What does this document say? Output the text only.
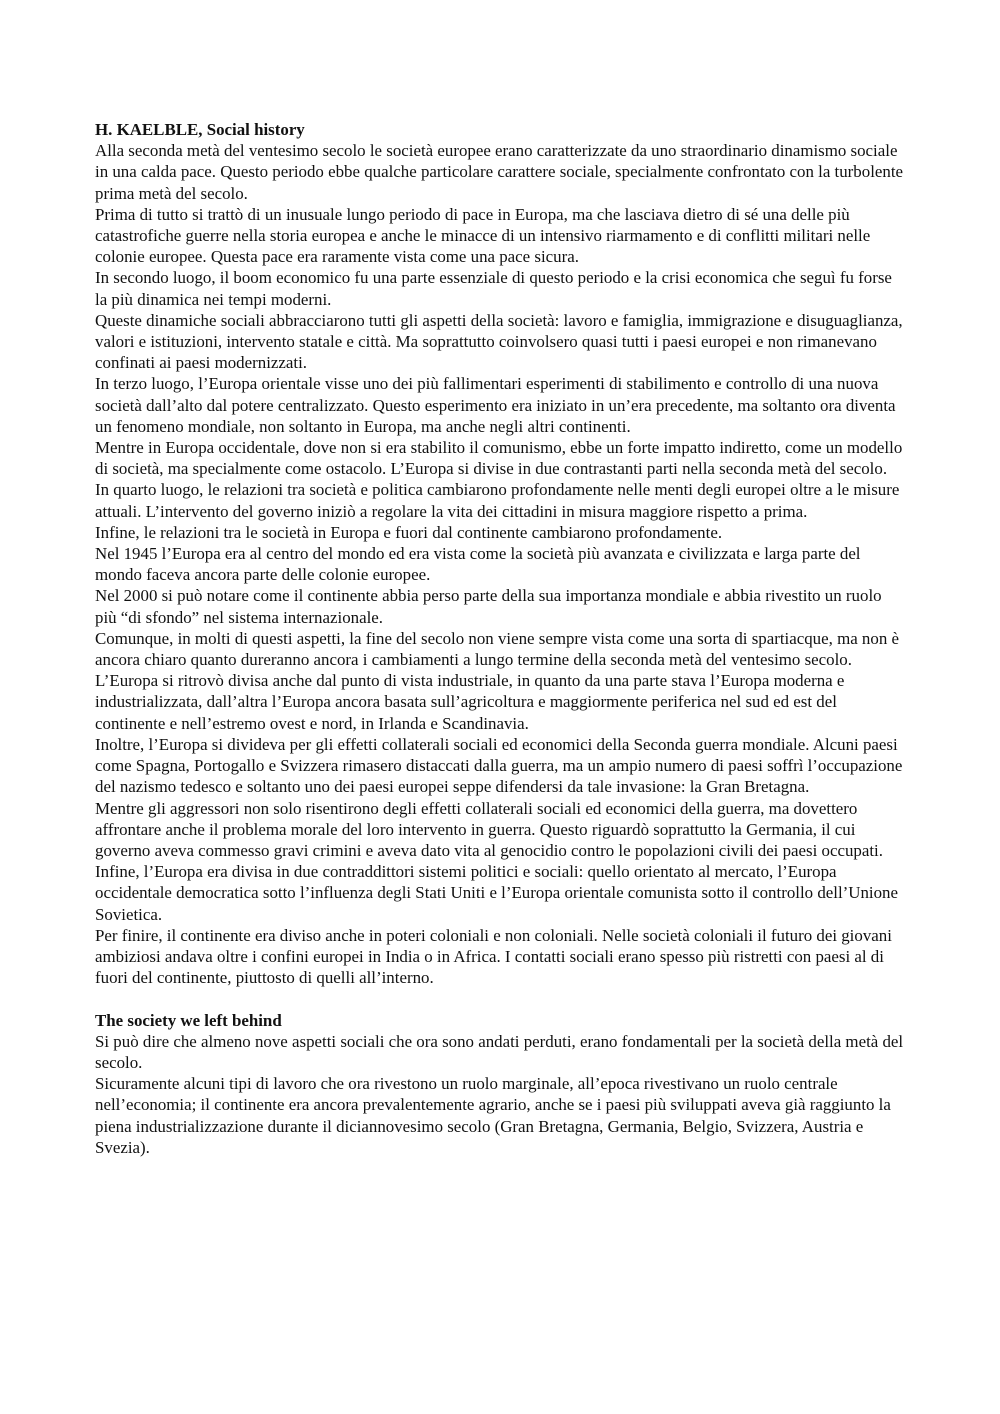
H. KAELBLE, Social history

Alla seconda metà del ventesimo secolo le società europee erano caratterizzate da uno straordinario dinamismo sociale in una calda pace. Questo periodo ebbe qualche particolare carattere sociale, specialmente confrontato con la turbolente prima metà del secolo.

Prima di tutto si trattò di un inusuale lungo periodo di pace in Europa, ma che lasciava dietro di sé una delle più catastrofiche guerre nella storia europea e anche le minacce di un intensivo riarmamento e di conflitti militari nelle colonie europee. Questa pace era raramente vista come una pace sicura.

In secondo luogo, il boom economico fu una parte essenziale di questo periodo e la crisi economica che seguì fu forse la più dinamica nei tempi moderni.

Queste dinamiche sociali abbracciarono tutti gli aspetti della società: lavoro e famiglia, immigrazione e disuguaglianza, valori e istituzioni, intervento statale e città. Ma soprattutto coinvolsero quasi tutti i paesi europei e non rimanevano confinati ai paesi modernizzati.

In terzo luogo, l’Europa orientale visse uno dei più fallimentari esperimenti di stabilimento e controllo di una nuova società dall’alto dal potere centralizzato. Questo esperimento era iniziato in un’era precedente, ma soltanto ora diventa un fenomeno mondiale, non soltanto in Europa, ma anche negli altri continenti.

Mentre in Europa occidentale, dove non si era stabilito il comunismo, ebbe un forte impatto indiretto, come un modello di società, ma specialmente come ostacolo. L’Europa si divise in due contrastanti parti nella seconda metà del secolo.

In quarto luogo, le relazioni tra società e politica cambiarono profondamente nelle menti degli europei oltre a le misure attuali. L’intervento del governo iniziò a regolare la vita dei cittadini in misura maggiore rispetto a prima.

Infine, le relazioni tra le società in Europa e fuori dal continente cambiarono profondamente.

Nel 1945 l’Europa era al centro del mondo ed era vista come la società più avanzata e civilizzata e larga parte del mondo faceva ancora parte delle colonie europee.

Nel 2000 si può notare come il continente abbia perso parte della sua importanza mondiale e abbia rivestito un ruolo più “di sfondo” nel sistema internazionale.

Comunque, in molti di questi aspetti, la fine del secolo non viene sempre vista come una sorta di spartiacque, ma non è ancora chiaro quanto dureranno ancora i cambiamenti a lungo termine della seconda metà del ventesimo secolo.

L’Europa si ritrovò divisa anche dal punto di vista industriale, in quanto da una parte stava l’Europa moderna e industrializzata, dall’altra l’Europa ancora basata sull’agricoltura e maggiormente periferica nel sud ed est del continente e nell’estremo ovest e nord, in Irlanda e Scandinavia.

Inoltre, l’Europa si divideva per gli effetti collaterali sociali ed economici della Seconda guerra mondiale. Alcuni paesi come Spagna, Portogallo e Svizzera rimasero distaccati dalla guerra, ma un ampio numero di paesi soffrì l’occupazione del nazismo tedesco e soltanto uno dei paesi europei seppe difendersi da tale invasione: la Gran Bretagna.

Mentre gli aggressori non solo risentirono degli effetti collaterali sociali ed economici della guerra, ma dovettero affrontare anche il problema morale del loro intervento in guerra. Questo riguardò soprattutto la Germania, il cui governo aveva commesso gravi crimini e aveva dato vita al genocidio contro le popolazioni civili dei paesi occupati.

Infine, l’Europa era divisa in due contraddittori sistemi politici e sociali: quello orientato al mercato, l’Europa occidentale democratica sotto l’influenza degli Stati Uniti e l’Europa orientale comunista sotto il controllo dell’Unione Sovietica.

Per finire, il continente era diviso anche in poteri coloniali e non coloniali. Nelle società coloniali il futuro dei giovani ambiziosi andava oltre i confini europei in India o in Africa. I contatti sociali erano spesso più ristretti con paesi al di fuori del continente, piuttosto di quelli all’interno.

The society we left behind

Si può dire che almeno nove aspetti sociali che ora sono andati perduti, erano fondamentali per la società della metà del secolo.

Sicuramente alcuni tipi di lavoro che ora rivestono un ruolo marginale, all’epoca rivestivano un ruolo centrale nell’economia; il continente era ancora prevalentemente agrario, anche se i paesi più sviluppati aveva già raggiunto la piena industrializzazione durante il diciannovesimo secolo (Gran Bretagna, Germania, Belgio, Svizzera, Austria e Svezia).
